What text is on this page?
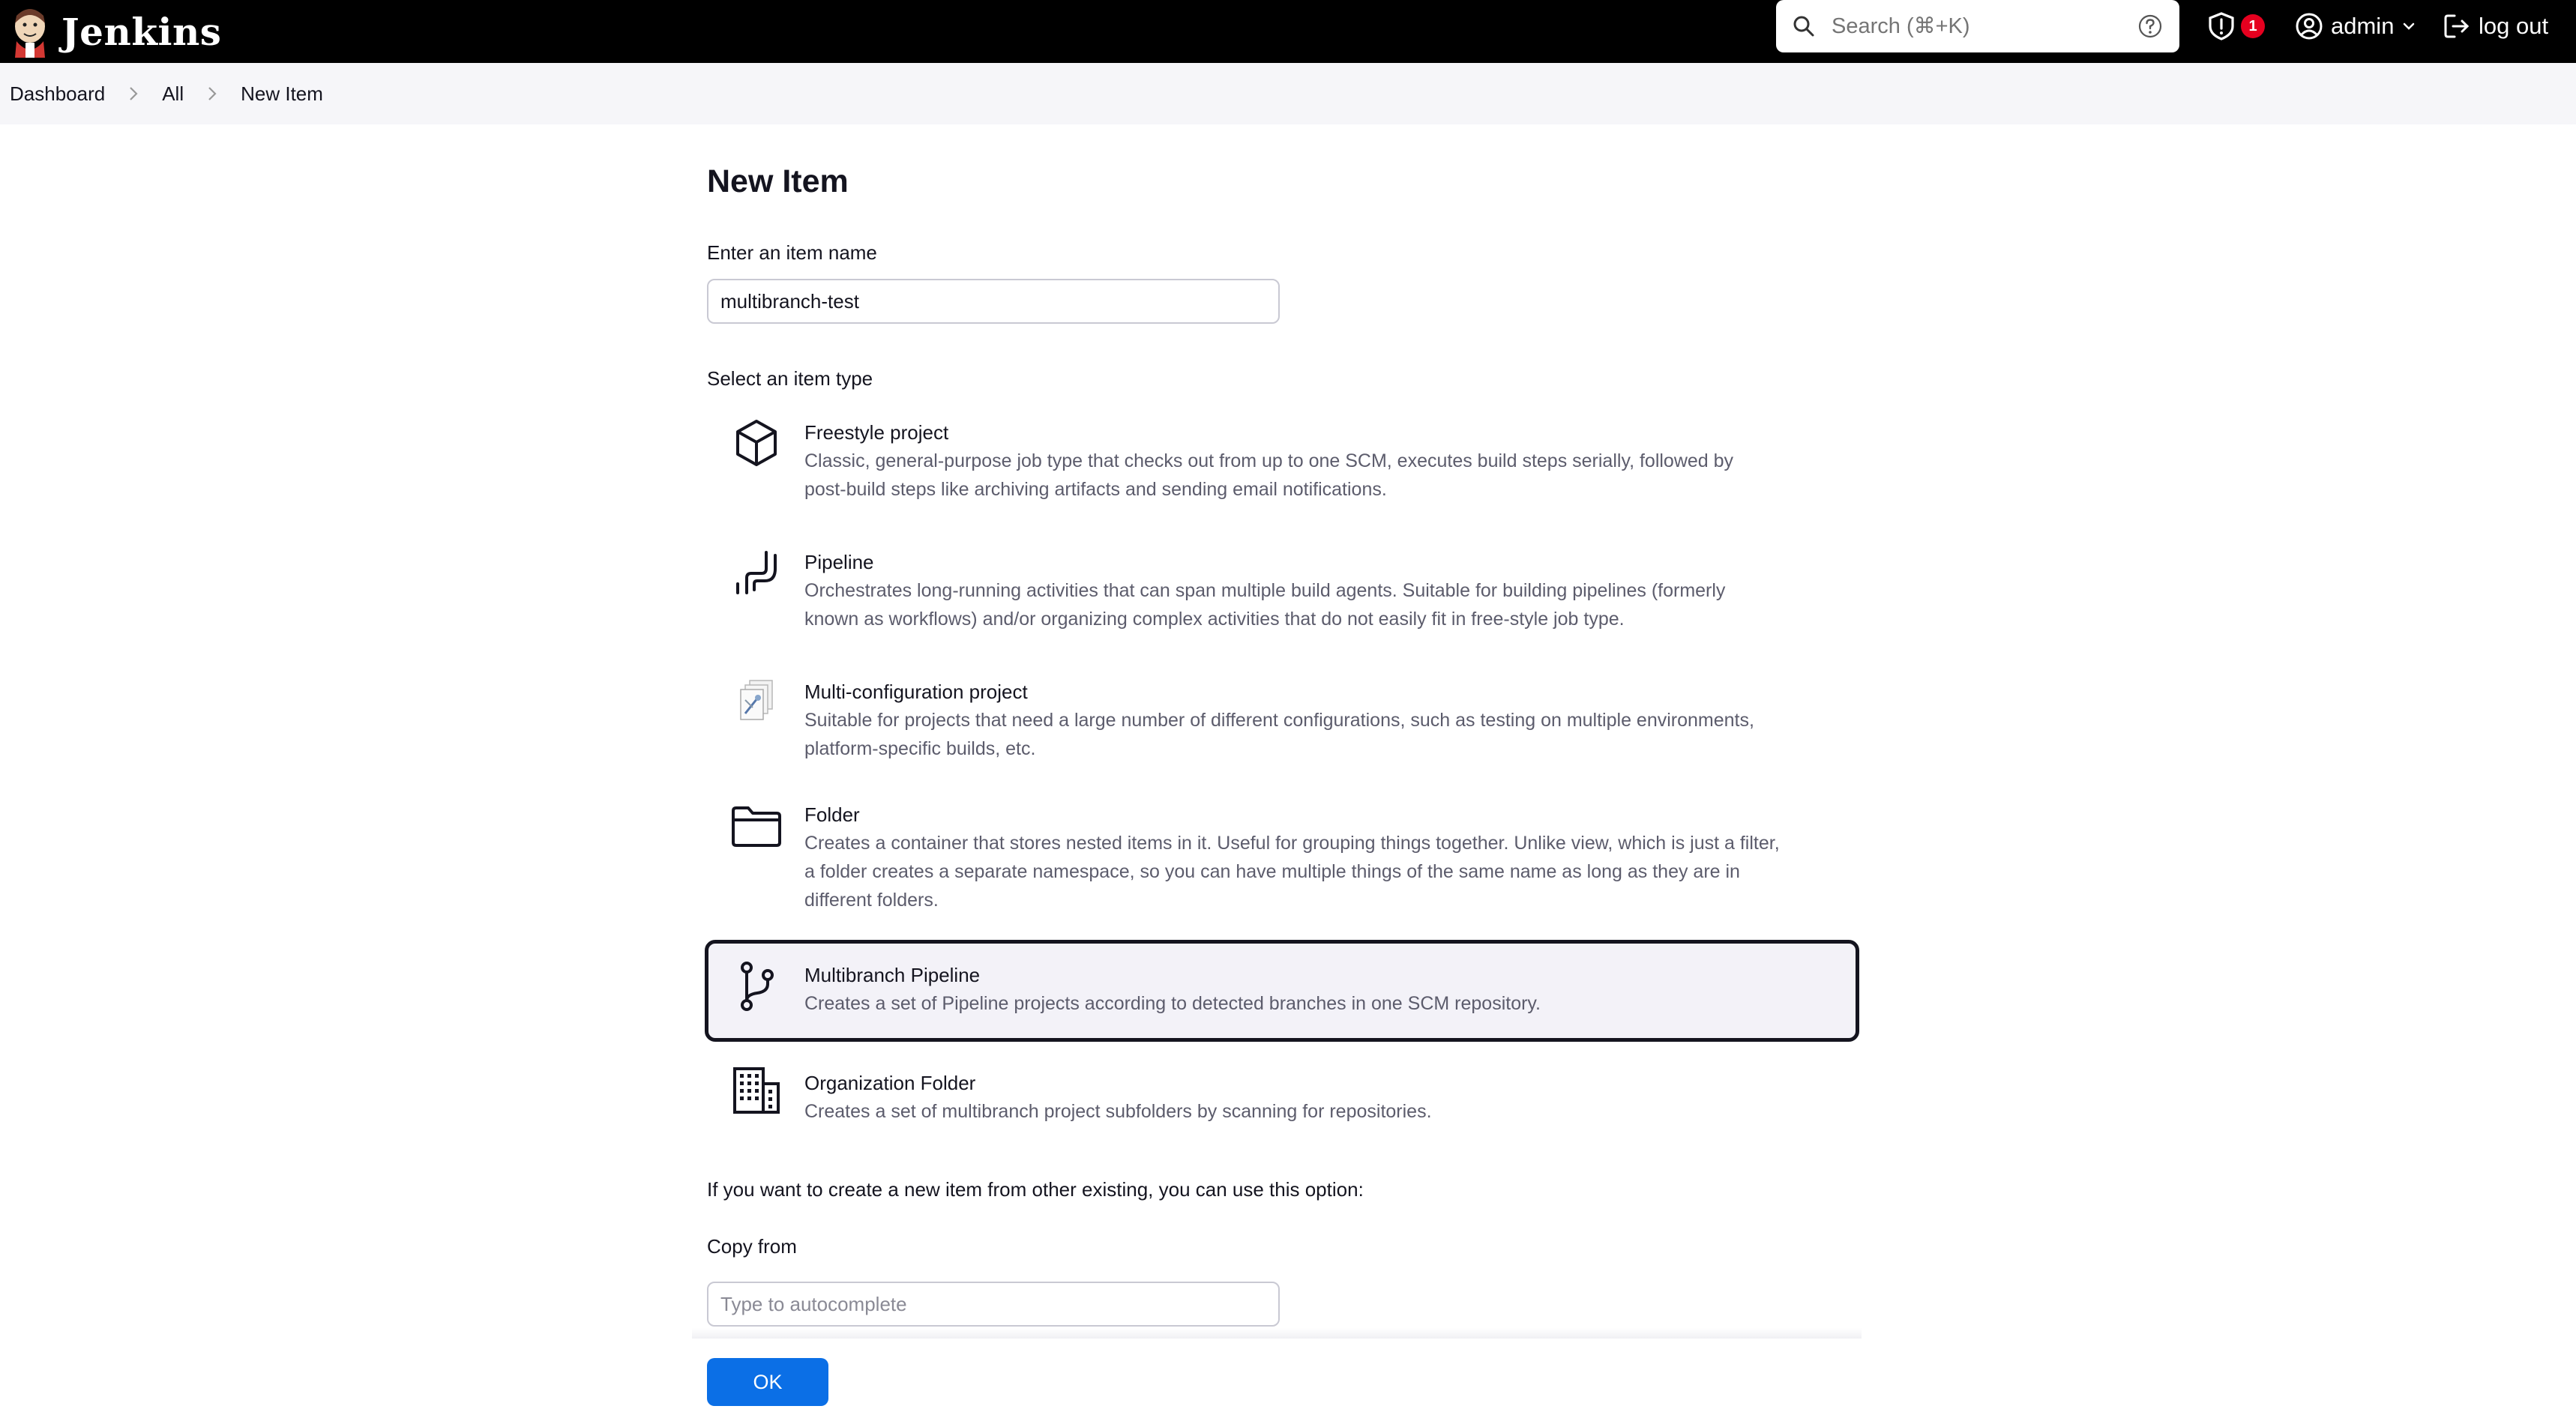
Jenkins
Search (⌘+K)	1	admin	log out
Dashboard	All	New Item
New Item
Enter an item name
multibranch-test
Select an item type
Freestyle project
Classic, general-purpose job type that checks out from up to one SCM, executes build steps serially, followed by
post-build steps like archiving artifacts and sending email notifications.
Pipeline
Orchestrates long-running activities that can span multiple build agents. Suitable for building pipelines (formerly
known as workflows) and/or organizing complex activities that do not easily fit in free-style job type.
Multi-configuration project
Suitable for projects that need a large number of different configurations, such as testing on multiple environments,
platform-specific builds, etc.
Folder
Creates a container that stores nested items in it. Useful for grouping things together. Unlike view, which is just a filter,
a folder creates a separate namespace, so you can have multiple things of the same name as long as they are in
different folders.
Multibranch Pipeline
Creates a set of Pipeline projects according to detected branches in one SCM repository.
Organization Folder
Creates a set of multibranch project subfolders by scanning for repositories.
If you want to create a new item from other existing, you can use this option:
Copy from
Type to autocomplete
OK
